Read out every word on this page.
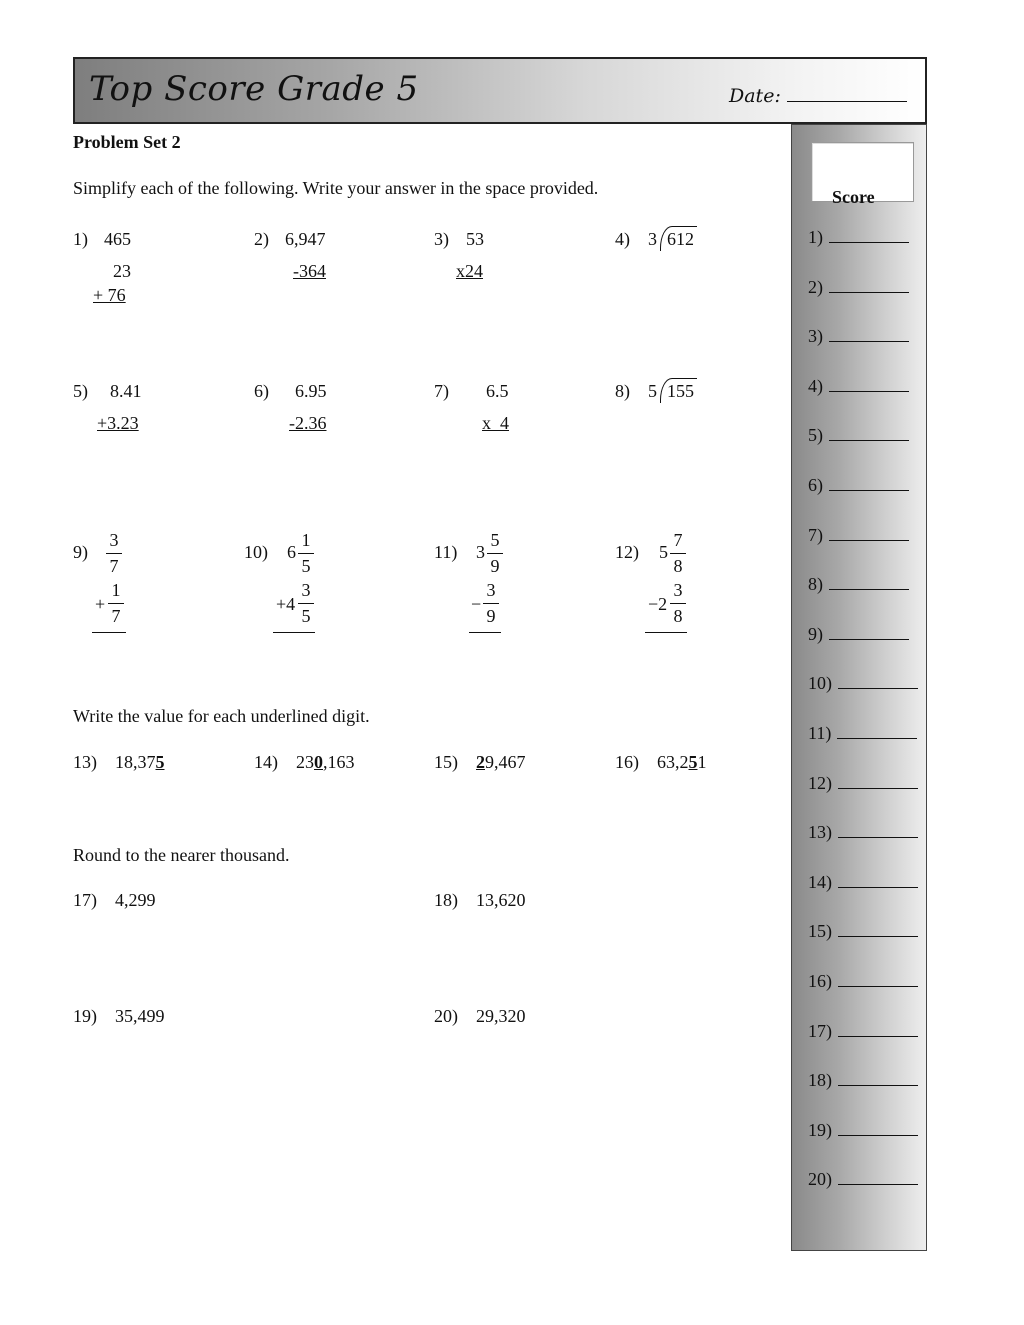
Top Score Grade 5	Date:
Score
1)
2)
3)
4)
5)
6)
7)
8)
9)
10)
11)
12)
13)
14)
15)
16)
17)
18)
19)
20)
Problem Set 2
Simplify each of the following. Write your answer in the space provided.
1) 465
23
+ 76
2) 6,947
-364
3) 53
x24
4) 3 612
5) 8.41
+3.23
6) 6.95
-2.36
7) 6.5
x  4
8) 5 155
9)
3
7
+
1
7
10) 6
1
5
+4
3
5
11) 3
5
9
−
3
9
12) 5
7
8
−2
3
8
Write the value for each underlined digit.
13) 18,375	14) 230,163	15) 29,467	16) 63,251
Round to the nearer thousand.
17) 4,299	18) 13,620
19) 35,499	20) 29,320
